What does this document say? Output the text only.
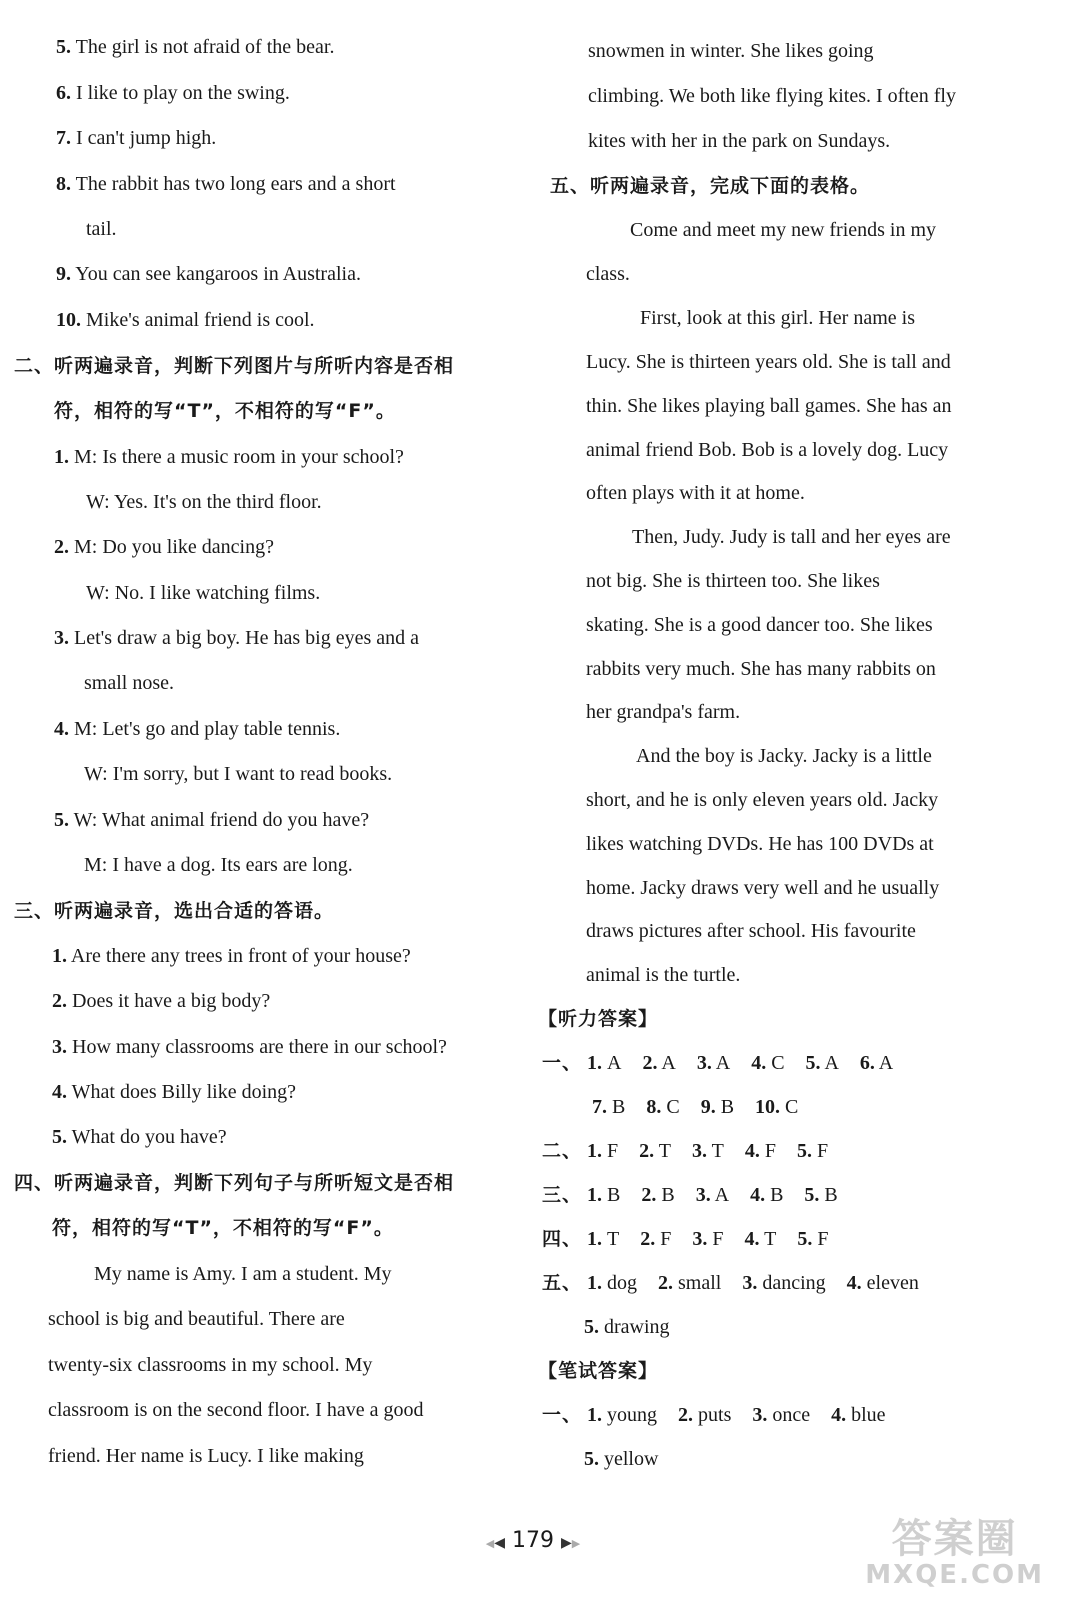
5. The girl is not afraid of the bear.
6. I like to play on the swing.
7. I can't jump high.
8. The rabbit has two long ears and a short
tail.
9. You can see kangaroos in Australia.
10. Mike's animal friend is cool.
二、听两遍录音，判断下列图片与所听内容是否相
符，相符的写“T”，不相符的写“F”。
1. M: Is there a music room in your school?
W: Yes. It's on the third floor.
2. M: Do you like dancing?
W: No. I like watching films.
3. Let's draw a big boy. He has big eyes and a
small nose.
4. M: Let's go and play table tennis.
W: I'm sorry, but I want to read books.
5. W: What animal friend do you have?
M: I have a dog. Its ears are long.
三、听两遍录音，选出合适的答语。
1. Are there any trees in front of your house?
2. Does it have a big body?
3. How many classrooms are there in our school?
4. What does Billy like doing?
5. What do you have?
四、听两遍录音，判断下列句子与所听短文是否相
符，相符的写“T”，不相符的写“F”。
My name is Amy. I am a student. My
school is big and beautiful. There are
twenty-six classrooms in my school. My
classroom is on the second floor. I have a good
friend. Her name is Lucy. I like making
snowmen in winter. She likes going
climbing. We both like flying kites. I often fly
kites with her in the park on Sundays.
五、听两遍录音，完成下面的表格。
Come and meet my new friends in my
class.
First, look at this girl. Her name is
Lucy. She is thirteen years old. She is tall and
thin. She likes playing ball games. She has an
animal friend Bob. Bob is a lovely dog. Lucy
often plays with it at home.
Then, Judy. Judy is tall and her eyes are
not big. She is thirteen too. She likes
skating. She is a good dancer too. She likes
rabbits very much. She has many rabbits on
her grandpa's farm.
And the boy is Jacky. Jacky is a little
short, and he is only eleven years old. Jacky
likes watching DVDs. He has 100 DVDs at
home. Jacky draws very well and he usually
draws pictures after school. His favourite
animal is the turtle.
【听力答案】
一、 1. A 2. A 3. A 4. C 5. A 6. A
7. B 8. C 9. B 10. C
二、 1. F 2. T 3. T 4. F 5. F
三、 1. B 2. B 3. A 4. B 5. B
四、 1. T 2. F 3. F 4. T 5. F
五、 1. dog 2. small 3. dancing 4. eleven
5. drawing
【笔试答案】
一、 1. young 2. puts 3. once 4. blue
5. yellow
◀◀ 179 ▶▶	答案圈
MXQE.COM
